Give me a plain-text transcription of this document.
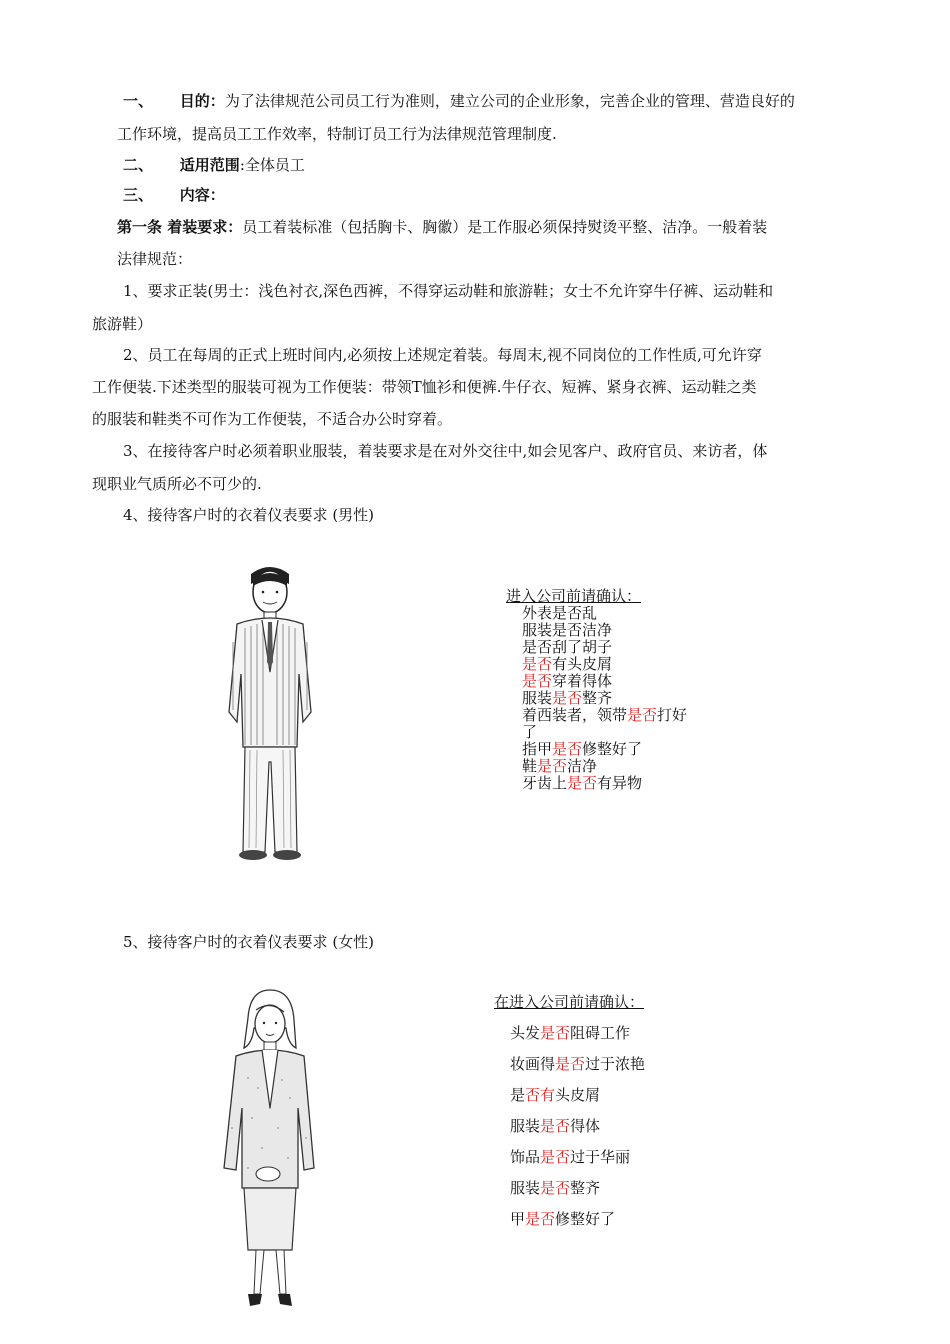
一、 目的：为了法律规范公司员工行为准则，建立公司的企业形象，完善企业的管理、营造良好的
工作环境，提高员工工作效率，特制订员工行为法律规范管理制度.
二、 适用范围:全体员工
三、 内容：
第一条 着装要求：员工着装标准（包括胸卡、胸徽）是工作服必须保持熨烫平整、洁净。一般着装
法律规范：
1、要求正装(男士：浅色衬衣,深色西裤，不得穿运动鞋和旅游鞋；女士不允许穿牛仔裤、运动鞋和
旅游鞋）
2、员工在每周的正式上班时间内,必须按上述规定着装。每周末,视不同岗位的工作性质,可允许穿
工作便装.下述类型的服装可视为工作便装：带领T恤衫和便裤.牛仔衣、短裤、紧身衣裤、运动鞋之类
的服装和鞋类不可作为工作便装，不适合办公时穿着。
3、在接待客户时必须着职业服装，着装要求是在对外交往中,如会见客户、政府官员、来访者，体
现职业气质所必不可少的.
4、接待客户时的衣着仪表要求 (男性)
进入公司前请确认：
外表是否乱
服装是否洁净
是否刮了胡子
是否有头皮屑
是否穿着得体
服装是否整齐
着西装者，领带是否打好
了
指甲是否修整好了
鞋是否洁净
牙齿上是否有异物
5、接待客户时的衣着仪表要求 (女性)
在进入公司前请确认：
头发是否阻碍工作
妆画得是否过于浓艳
是否有头皮屑
服装是否得体
饰品是否过于华丽
服装是否整齐
甲是否修整好了
